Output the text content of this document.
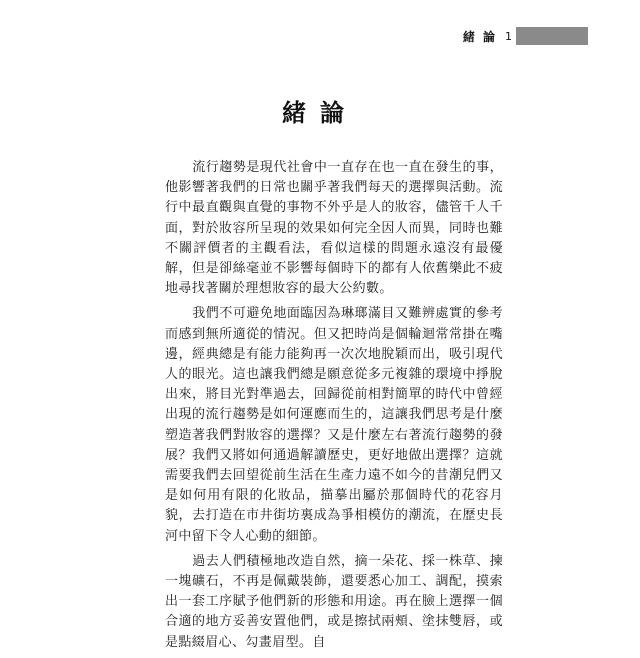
緒 論 1
緒論

流行趨勢是現代社會中一直存在也一直在發生的事，他影響著我們的日常也關乎著我們每天的選擇與活動。流行中最直觀與直覺的事物不外乎是人的妝容，儘管千人千面，對於妝容所呈現的效果如何完全因人而異，同時也難不關評價者的主觀看法，看似這樣的問題永遠沒有最優解，但是卻絲毫並不影響每個時下的都有人依舊樂此不疲地尋找著關於理想妝容的最大公約數。

我們不可避免地面臨因為琳瑯滿目又難辨處實的參考而感到無所適從的情況。但又把時尚是個輪迴常常掛在嘴邊，經典總是有能力能夠再一次次地脫穎而出，吸引現代人的眼光。這也讓我們總是願意從多元複雜的環境中掙脫出來，將目光對準過去，回歸從前相對簡單的時代中曾經出現的流行趨勢是如何運應而生的，這讓我們思考是什麼塑造著我們對妝容的選擇？又是什麼左右著流行趨勢的發展？我們又將如何通過解讀歷史，更好地做出選擇？這就需要我們去回望從前生活在生產力遠不如今的昔潮兒們又是如何用有限的化妝品，描摹出屬於那個時代的花容月貌，去打造在市井街坊裏成為爭相模仿的潮流，在歷史長河中留下令人心動的細節。

過去人們積極地改造自然，摘一朵花、採一株草、揀一塊礦石，不再是佩戴裝飾，還要悉心加工、調配，摸索出一套工序賦予他們新的形態和用途。再在臉上選擇一個合適的地方妥善安置他們，或是擦拭兩頰、塗抹雙唇，或是點綴眉心、勾畫眉型。自
